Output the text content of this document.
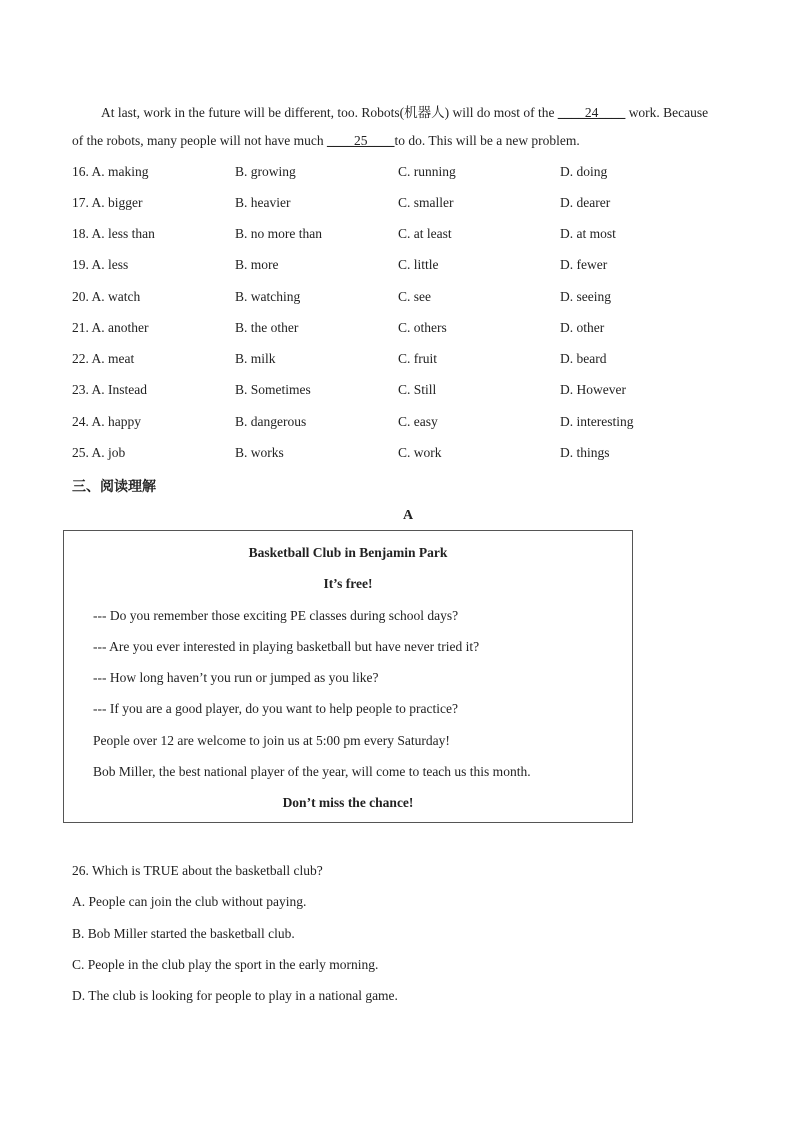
At last, work in the future will be different, too. Robots(机器人) will do most of the ____24____ work. Because
of the robots, many people will not have much ____25____to do. This will be a new problem.
16. A. making	B. growing	C. running	D. doing
17. A. bigger	B. heavier	C. smaller	D. dearer
18. A. less than	B. no more than	C. at least	D. at most
19. A. less	B. more	C. little	D. fewer
20. A. watch	B. watching	C. see	D. seeing
21. A. another	B. the other	C. others	D. other
22. A. meat	B. milk	C. fruit	D. beard
23. A. Instead	B. Sometimes	C. Still	D. However
24. A. happy	B. dangerous	C. easy	D. interesting
25. A. job	B. works	C. work	D. things
三、阅读理解
A
Basketball Club in Benjamin Park
It’s free!
--- Do you remember those exciting PE classes during school days?
--- Are you ever interested in playing basketball but have never tried it?
--- How long haven’t you run or jumped as you like?
--- If you are a good player, do you want to help people to practice?
People over 12 are welcome to join us at 5:00 pm every Saturday!
Bob Miller, the best national player of the year, will come to teach us this month.
Don’t miss the chance!
26. Which is TRUE about the basketball club?
A. People can join the club without paying.
B. Bob Miller started the basketball club.
C. People in the club play the sport in the early morning.
D. The club is looking for people to play in a national game.
